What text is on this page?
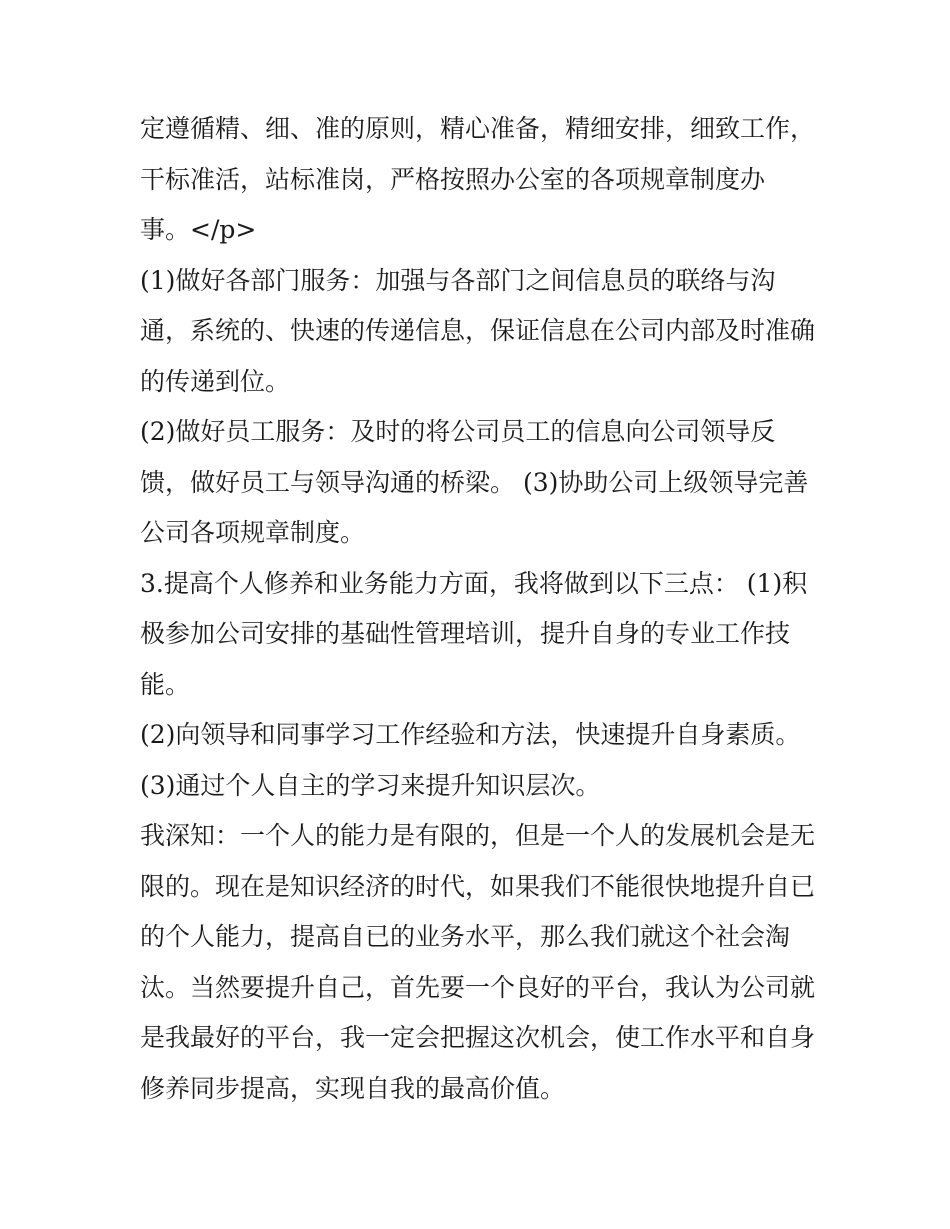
定遵循精、细、准的原则，精心准备，精细安排，细致工作，
干标准活，站标准岗，严格按照办公室的各项规章制度办
事。</p>
(1)做好各部门服务：加强与各部门之间信息员的联络与沟
通，系统的、快速的传递信息，保证信息在公司内部及时准确
的传递到位。
(2)做好员工服务：及时的将公司员工的信息向公司领导反
馈，做好员工与领导沟通的桥梁。 (3)协助公司上级领导完善
公司各项规章制度。
3.提高个人修养和业务能力方面，我将做到以下三点： (1)积
极参加公司安排的基础性管理培训，提升自身的专业工作技
能。
(2)向领导和同事学习工作经验和方法，快速提升自身素质。
(3)通过个人自主的学习来提升知识层次。
我深知：一个人的能力是有限的，但是一个人的发展机会是无
限的。现在是知识经济的时代，如果我们不能很快地提升自已
的个人能力，提高自已的业务水平，那么我们就这个社会淘
汰。当然要提升自己，首先要一个良好的平台，我认为公司就
是我最好的平台，我一定会把握这次机会，使工作水平和自身
修养同步提高，实现自我的最高价值。
